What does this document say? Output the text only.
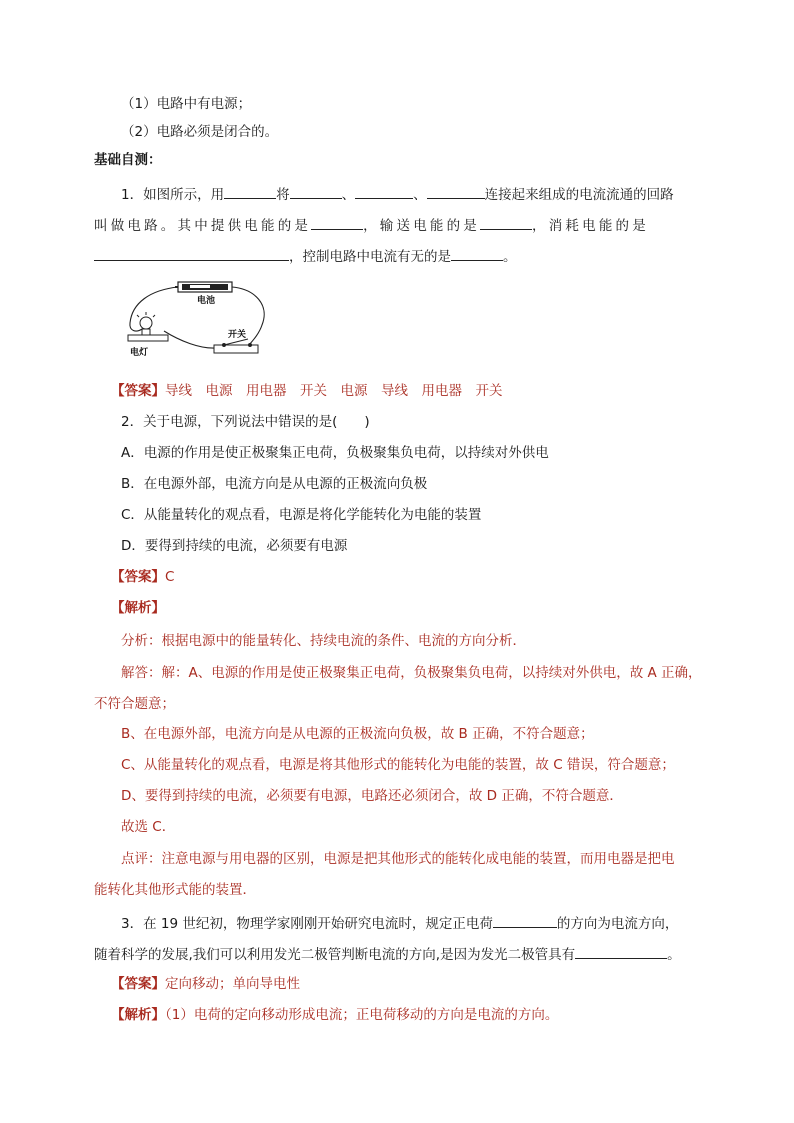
（1）电路中有电源；
（2）电路必须是闭合的。
基础自测：
1．如图所示，用	将	、	、	连接起来组成的电流流通的回路
叫做电路。其中提供电能的是	，输送电能的是	，消耗电能的是
，控制电路中电流有无的是	。
电池
电灯
开关
【答案】导线　电源　用电器　开关　电源　导线　用电器　开关
2．关于电源，下列说法中错误的是(　　)
A．电源的作用是使正极聚集正电荷，负极聚集负电荷，以持续对外供电
B．在电源外部，电流方向是从电源的正极流向负极
C．从能量转化的观点看，电源是将化学能转化为电能的装置
D．要得到持续的电流，必须要有电源
【答案】C
【解析】
分析：根据电源中的能量转化、持续电流的条件、电流的方向分析．
解答：解：A、电源的作用是使正极聚集正电荷，负极聚集负电荷，以持续对外供电，故 A 正确，
不符合题意；
B、在电源外部，电流方向是从电源的正极流向负极，故 B 正确，不符合题意；
C、从能量转化的观点看，电源是将其他形式的能转化为电能的装置，故 C 错误，符合题意；
D、要得到持续的电流，必须要有电源，电路还必须闭合，故 D 正确，不符合题意．
故选 C．
点评：注意电源与用电器的区别，电源是把其他形式的能转化成电能的装置，而用电器是把电
能转化其他形式能的装置．
3．在 19 世纪初，物理学家刚刚开始研究电流时，规定正电荷	的方向为电流方向，
随着科学的发展,我们可以利用发光二极管判断电流的方向,是因为发光二极管具有	。
【答案】定向移动；单向导电性
【解析】（1）电荷的定向移动形成电流；正电荷移动的方向是电流的方向。
